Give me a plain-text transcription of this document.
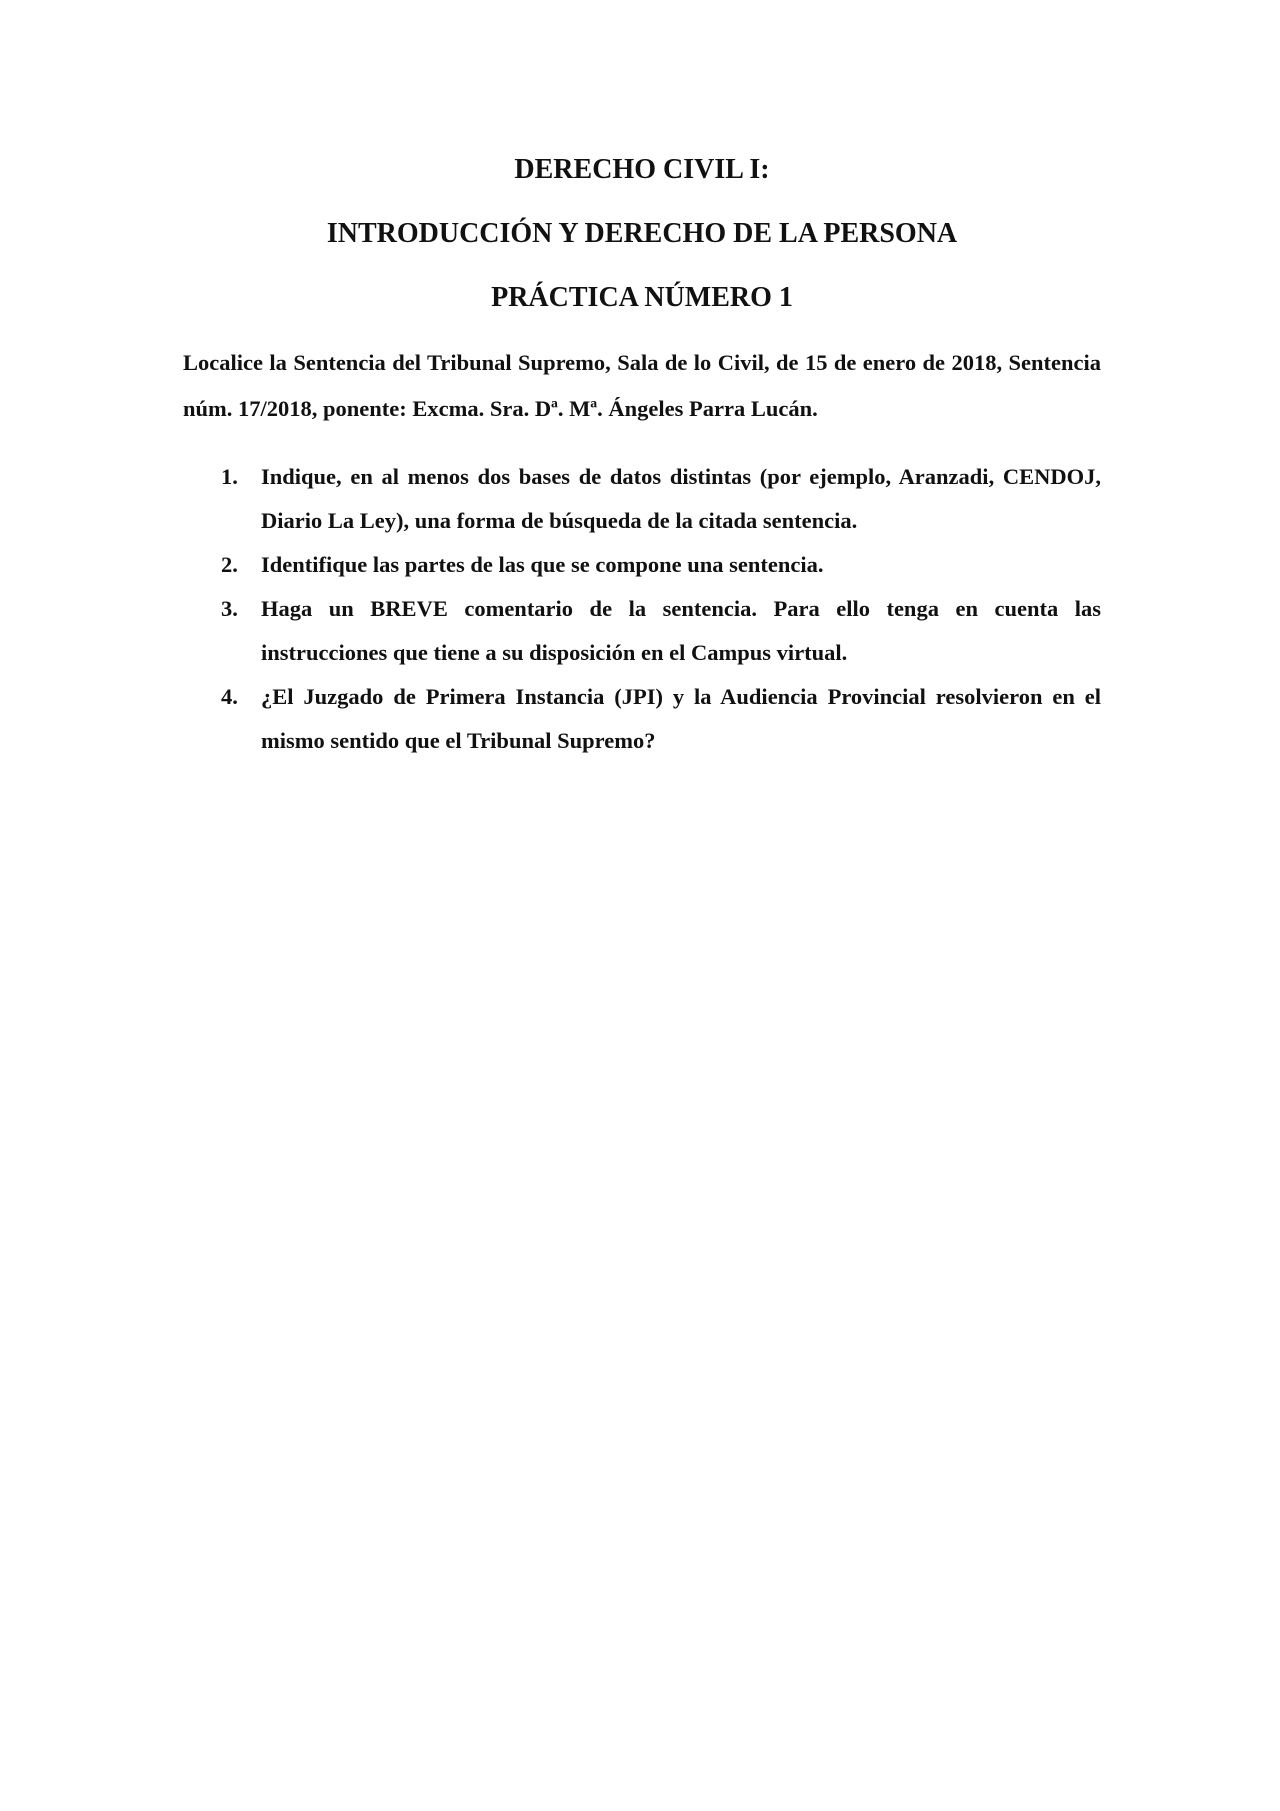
DERECHO CIVIL I:

INTRODUCCIÓN Y DERECHO DE LA PERSONA

PRÁCTICA NÚMERO 1

Localice la Sentencia del Tribunal Supremo, Sala de lo Civil, de 15 de enero de 2018, Sentencia núm. 17/2018, ponente: Excma. Sra. Dª. Mª. Ángeles Parra Lucán.

1. Indique, en al menos dos bases de datos distintas (por ejemplo, Aranzadi, CENDOJ, Diario La Ley), una forma de búsqueda de la citada sentencia.
2. Identifique las partes de las que se compone una sentencia.
3. Haga un BREVE comentario de la sentencia. Para ello tenga en cuenta las instrucciones que tiene a su disposición en el Campus virtual.
4. ¿El Juzgado de Primera Instancia (JPI) y la Audiencia Provincial resolvieron en el mismo sentido que el Tribunal Supremo?
